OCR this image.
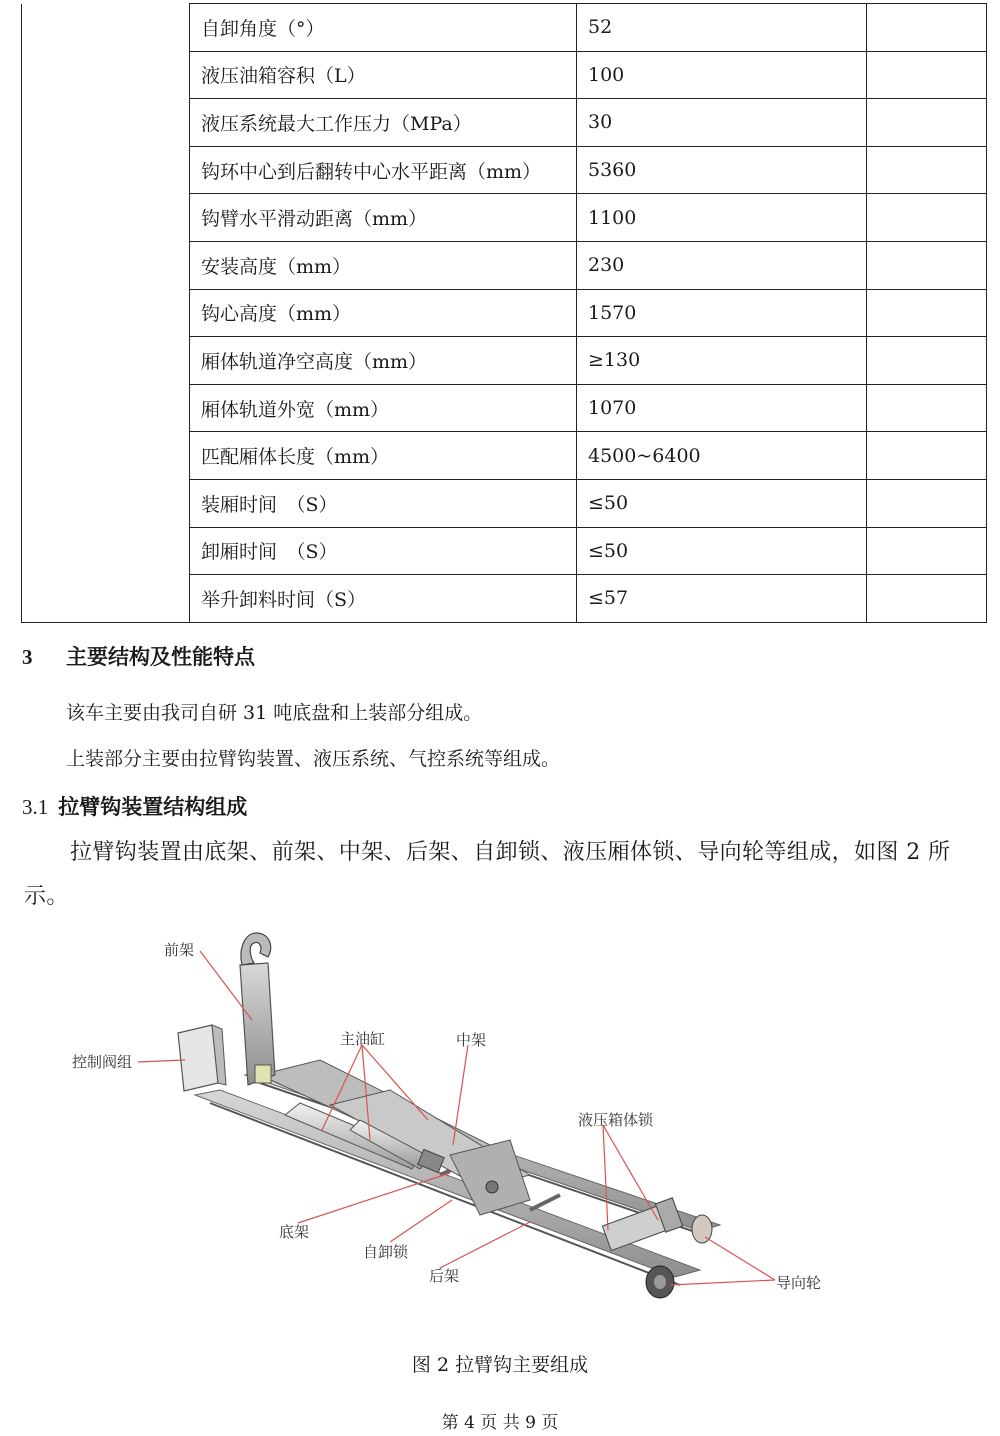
	自卸角度（°）	52	
	液压油箱容积（L）	100	
	液压系统最大工作压力（MPa）	30	
	钩环中心到后翻转中心水平距离（mm）	5360	
	钩臂水平滑动距离（mm）	1100	
	安装高度（mm）	230	
	钩心高度（mm）	1570	
	厢体轨道净空高度（mm）	≥130	
	厢体轨道外宽（mm）	1070	
	匹配厢体长度（mm）	4500~6400	
	装厢时间　（S）	≤50	
	卸厢时间　（S）	≤50	
	举升卸料时间（S）	≤57	
3 主要结构及性能特点
该车主要由我司自研 31 吨底盘和上装部分组成。
上装部分主要由拉臂钩装置、液压系统、气控系统等组成。
3.1 拉臂钩装置结构组成
拉臂钩装置由底架、前架、中架、后架、自卸锁、液压厢体锁、导向轮等组成，如图 2 所示。
前架
控制阀组
主油缸	中架
液压箱体锁
底架
自卸锁
后架	导向轮
图 2 拉臂钩主要组成
第 4 页 共 9 页
